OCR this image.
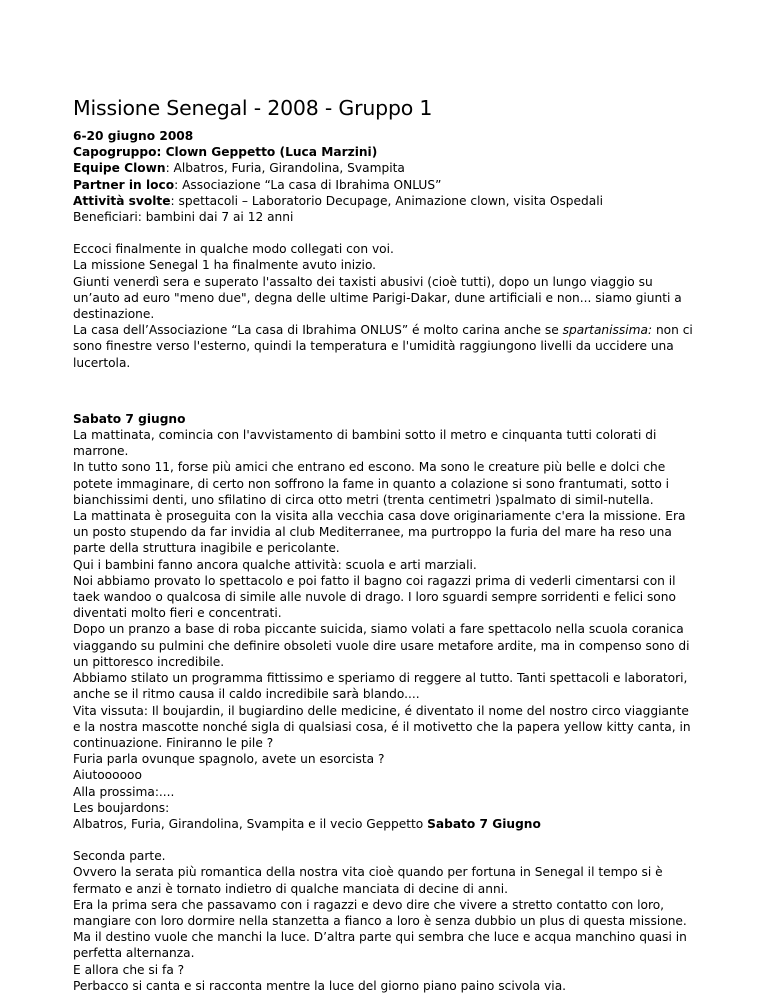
Missione Senegal - 2008 - Gruppo 1

6-20 giugno 2008

Capogruppo: Clown Geppetto (Luca Marzini)

Equipe Clown: Albatros, Furia, Girandolina, Svampita

Partner in loco: Associazione “La casa di Ibrahima ONLUS”

Attività svolte: spettacoli – Laboratorio Decupage, Animazione clown, visita Ospedali

Beneficiari: bambini dai 7 ai 12 anni

Eccoci finalmente in qualche modo collegati con voi.

La missione Senegal 1 ha finalmente avuto inizio.

Giunti venerdì sera e superato l'assalto dei taxisti abusivi (cioè tutti), dopo un lungo viaggio su un’auto ad euro "meno due", degna delle ultime Parigi-Dakar, dune artificiali e non... siamo giunti a destinazione.

La casa dell’Associazione “La casa di Ibrahima ONLUS” é molto carina anche se spartanissima: non ci sono finestre verso l'esterno, quindi la temperatura e l'umidità raggiungono livelli da uccidere una lucertola.

Sabato 7 giugno

La mattinata, comincia con l'avvistamento di bambini sotto il metro e cinquanta tutti colorati di marrone.

In tutto sono 11, forse più amici che entrano ed escono. Ma sono le creature più belle e dolci che potete immaginare, di certo non soffrono la fame in quanto a colazione si sono frantumati, sotto i bianchissimi denti, uno sfilatino di circa otto metri (trenta centimetri )spalmato di simil-nutella.

La mattinata è proseguita con la visita alla vecchia casa dove originariamente c'era la missione. Era un posto stupendo da far invidia al club Mediterranee, ma purtroppo la furia del mare ha reso una parte della struttura inagibile e pericolante.

Qui i bambini fanno ancora qualche attività: scuola e arti marziali.

Noi abbiamo provato lo spettacolo e poi fatto il bagno coi ragazzi prima di vederli cimentarsi con il taek wandoo o qualcosa di simile alle nuvole di drago. I loro sguardi sempre sorridenti e felici sono diventati molto fieri e concentrati.

Dopo un pranzo a base di roba piccante suicida, siamo volati a fare spettacolo nella scuola coranica viaggando su pulmini che definire obsoleti vuole dire usare metafore ardite, ma in compenso sono di un pittoresco incredibile.

Abbiamo stilato un programma fittissimo e speriamo di reggere al tutto. Tanti spettacoli e laboratori, anche se il ritmo causa il caldo incredibile sarà blando....

Vita vissuta: Il boujardin, il bugiardino delle medicine, é diventato il nome del nostro circo viaggiante e la nostra mascotte nonché sigla di qualsiasi cosa, é il motivetto che la papera yellow kitty canta, in continuazione. Finiranno le pile ?

Furia parla ovunque spagnolo, avete un esorcista ?

Aiutoooooo

Alla prossima:....

Les boujardons:

Albatros, Furia, Girandolina, Svampita e il vecio Geppetto Sabato 7 Giugno

Seconda parte.

Ovvero la serata più romantica della nostra vita cioè quando per fortuna in Senegal il tempo si è fermato e anzi è tornato indietro di qualche manciata di decine di anni.

Era la prima sera che passavamo con i ragazzi e devo dire che vivere a stretto contatto con loro, mangiare con loro dormire nella stanzetta a fianco a loro è senza dubbio un plus di questa missione.

Ma il destino vuole che manchi la luce. D’altra parte qui sembra che luce e acqua manchino quasi in perfetta alternanza.

E allora che si fa ?

Perbacco si canta e si racconta mentre la luce del giorno piano paino scivola via.
